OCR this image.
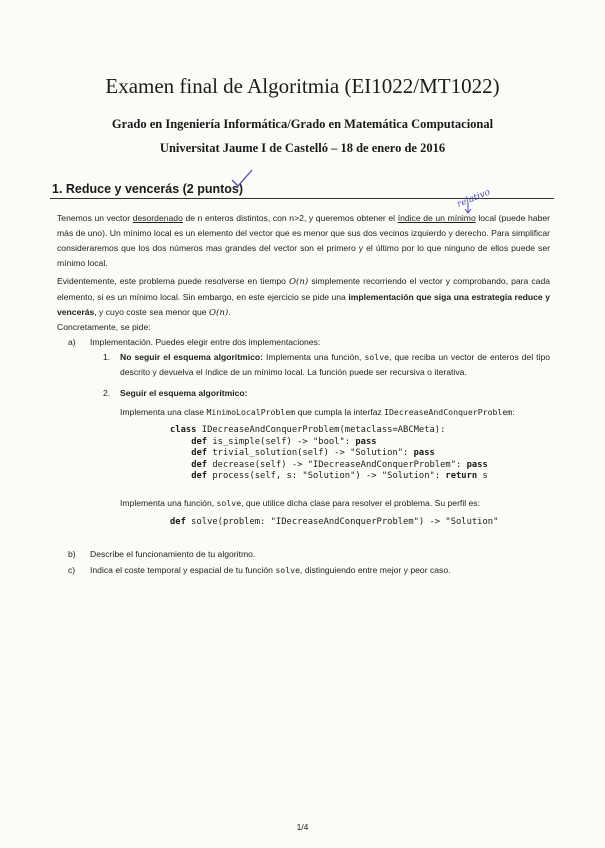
Examen final de Algoritmia (EI1022/MT1022)
Grado en Ingeniería Informática/Grado en Matemática Computacional
Universitat Jaume I de Castelló – 18 de enero de 2016
1. Reduce y vencerás (2 puntos)
Tenemos un vector desordenado de n enteros distintos, con n>2, y queremos obtener el índice de un mínimo local (puede haber más de uno). Un mínimo local es un elemento del vector que es menor que sus dos vecinos izquierdo y derecho. Para simplificar consideraremos que los dos números mas grandes del vector son el primero y el último por lo que ninguno de ellos puede ser mínimo local.
Evidentemente, este problema puede resolverse en tiempo O(n) simplemente recorriendo el vector y comprobando, para cada elemento, si es un mínimo local. Sin embargo, en este ejercicio se pide una implementación que siga una estrategia reduce y vencerás, y cuyo coste sea menor que O(n).
Concretamente, se pide:
a) Implementación. Puedes elegir entre dos implementaciones:
1. No seguir el esquema algorítmico: Implementa una función, solve, que reciba un vector de enteros del tipo descrito y devuelva el índice de un mínimo local. La función puede ser recursiva o iterativa.
2. Seguir el esquema algorítmico:
Implementa una clase MinimoLocalProblem que cumpla la interfaz IDecreaseAndConquerProblem:
class IDecreaseAndConquerProblem(metaclass=ABCMeta):
def is_simple(self) -> "bool": pass
def trivial_solution(self) -> "Solution": pass
def decrease(self) -> "IDecreaseAndConquerProblem": pass
def process(self, s: "Solution") -> "Solution": return s
Implementa una función, solve, que utilice dicha clase para resolver el problema. Su perfil es:
def solve(problem: "IDecreaseAndConquerProblem") -> "Solution"
b) Describe el funcionamiento de tu algoritmo.
c) Indica el coste temporal y espacial de tu función solve, distinguiendo entre mejor y peor caso.
1/4
relativo
